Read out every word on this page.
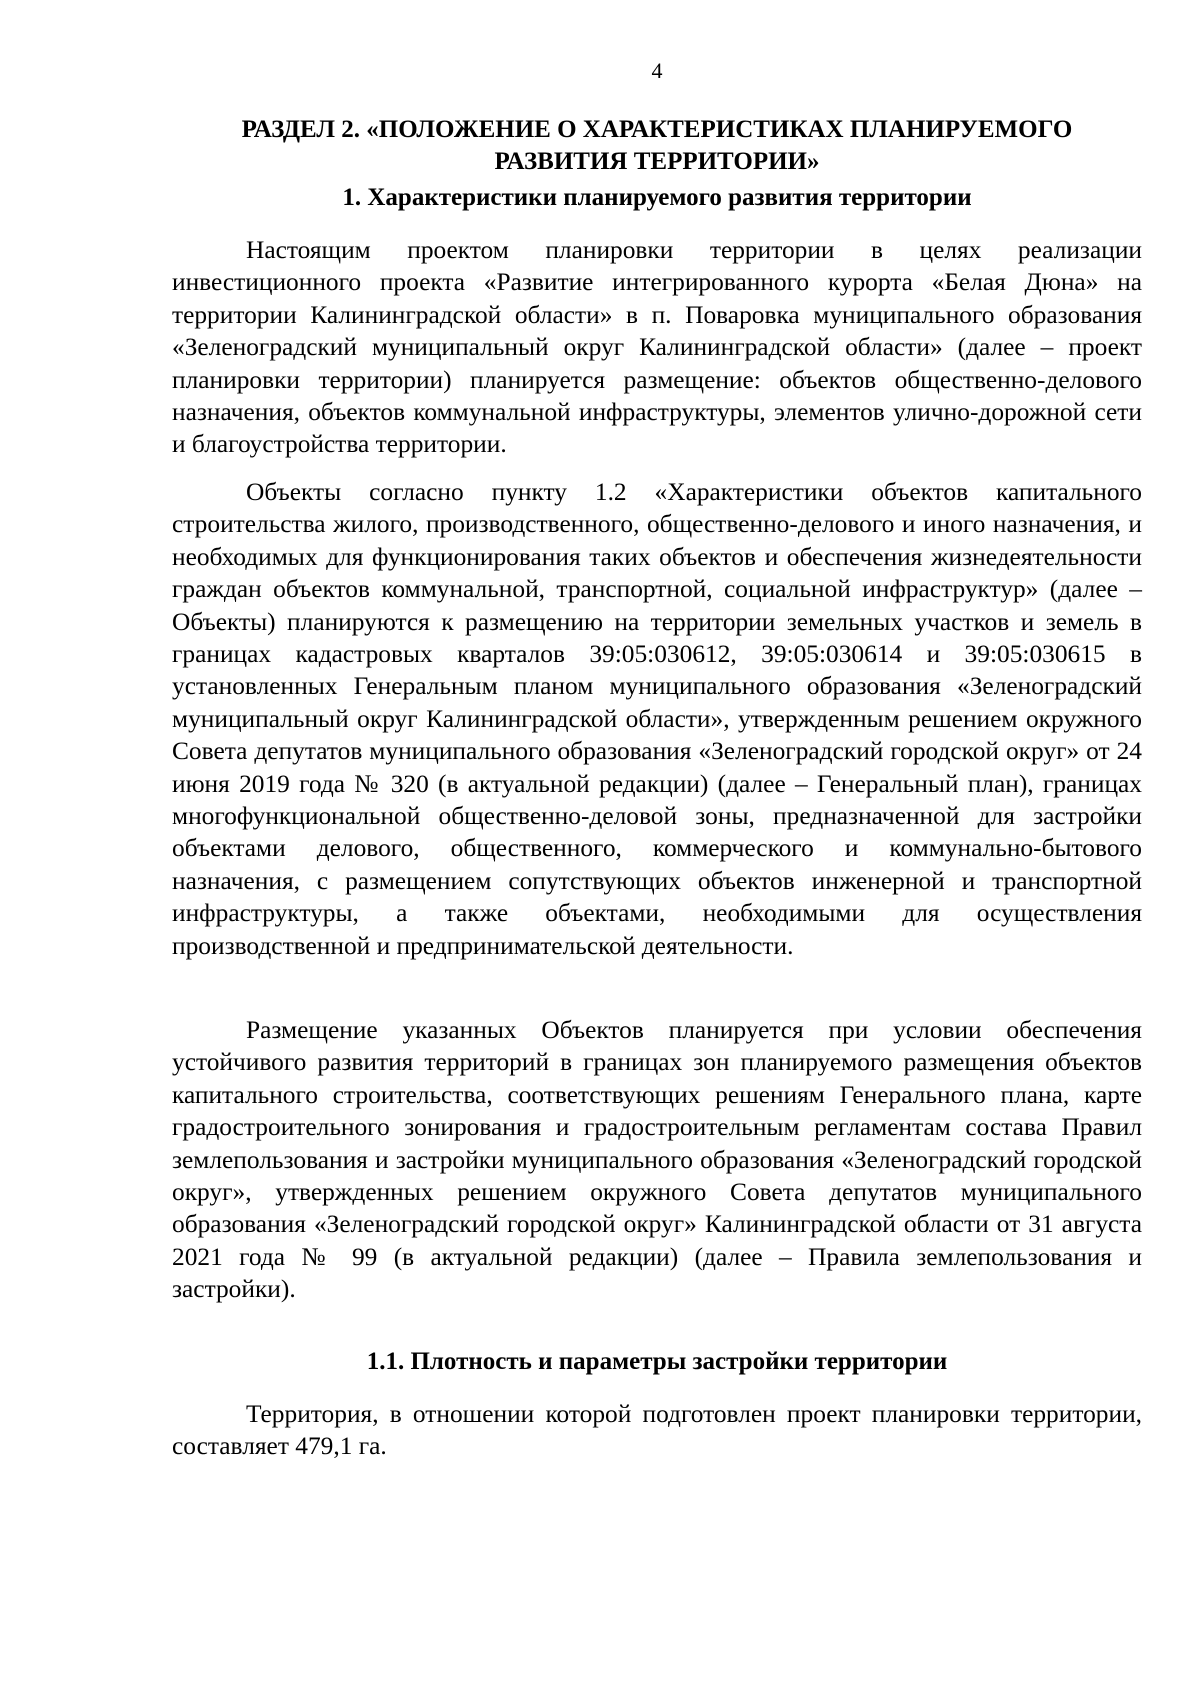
4
РАЗДЕЛ 2. «ПОЛОЖЕНИЕ О ХАРАКТЕРИСТИКАХ ПЛАНИРУЕМОГО
РАЗВИТИЯ ТЕРРИТОРИИ»
1. Характеристики планируемого развития территории

Настоящим проектом планировки территории в целях реализации инвестиционного проекта «Развитие интегрированного курорта «Белая Дюна» на территории Калининградской области» в п. Поваровка муниципального образования «Зеленоградский муниципальный округ Калининградской области» (далее – проект планировки территории) планируется размещение: объектов общественно-делового назначения, объектов коммунальной инфраструктуры, элементов улично-дорожной сети и благоустройства территории.

Объекты согласно пункту 1.2 «Характеристики объектов капитального строительства жилого, производственного, общественно-делового и иного назначения, и необходимых для функционирования таких объектов и обеспечения жизнедеятельности граждан объектов коммунальной, транспортной, социальной инфраструктур» (далее – Объекты) планируются к размещению на территории земельных участков и земель в границах кадастровых кварталов 39:05:030612, 39:05:030614 и 39:05:030615 в установленных Генеральным планом муниципального образования «Зеленоградский муниципальный округ Калининградской области», утвержденным решением окружного Совета депутатов муниципального образования «Зеленоградский городской округ» от 24 июня 2019 года № 320 (в актуальной редакции) (далее – Генеральный план), границах многофункциональной общественно-деловой зоны, предназначенной для застройки объектами делового, общественного, коммерческого и коммунально-бытового назначения, с размещением сопутствующих объектов инженерной и транспортной инфраструктуры, а также объектами, необходимыми для осуществления производственной и предпринимательской деятельности.

Размещение указанных Объектов планируется при условии обеспечения устойчивого развития территорий в границах зон планируемого размещения объектов капитального строительства, соответствующих решениям Генерального плана, карте градостроительного зонирования и градостроительным регламентам состава Правил землепользования и застройки муниципального образования «Зеленоградский городской округ», утвержденных решением окружного Совета депутатов муниципального образования «Зеленоградский городской округ» Калининградской области от 31 августа 2021 года № 99 (в актуальной редакции) (далее – Правила землепользования и застройки).

1.1. Плотность и параметры застройки территории

Территория, в отношении которой подготовлен проект планировки территории, составляет 479,1 га.
